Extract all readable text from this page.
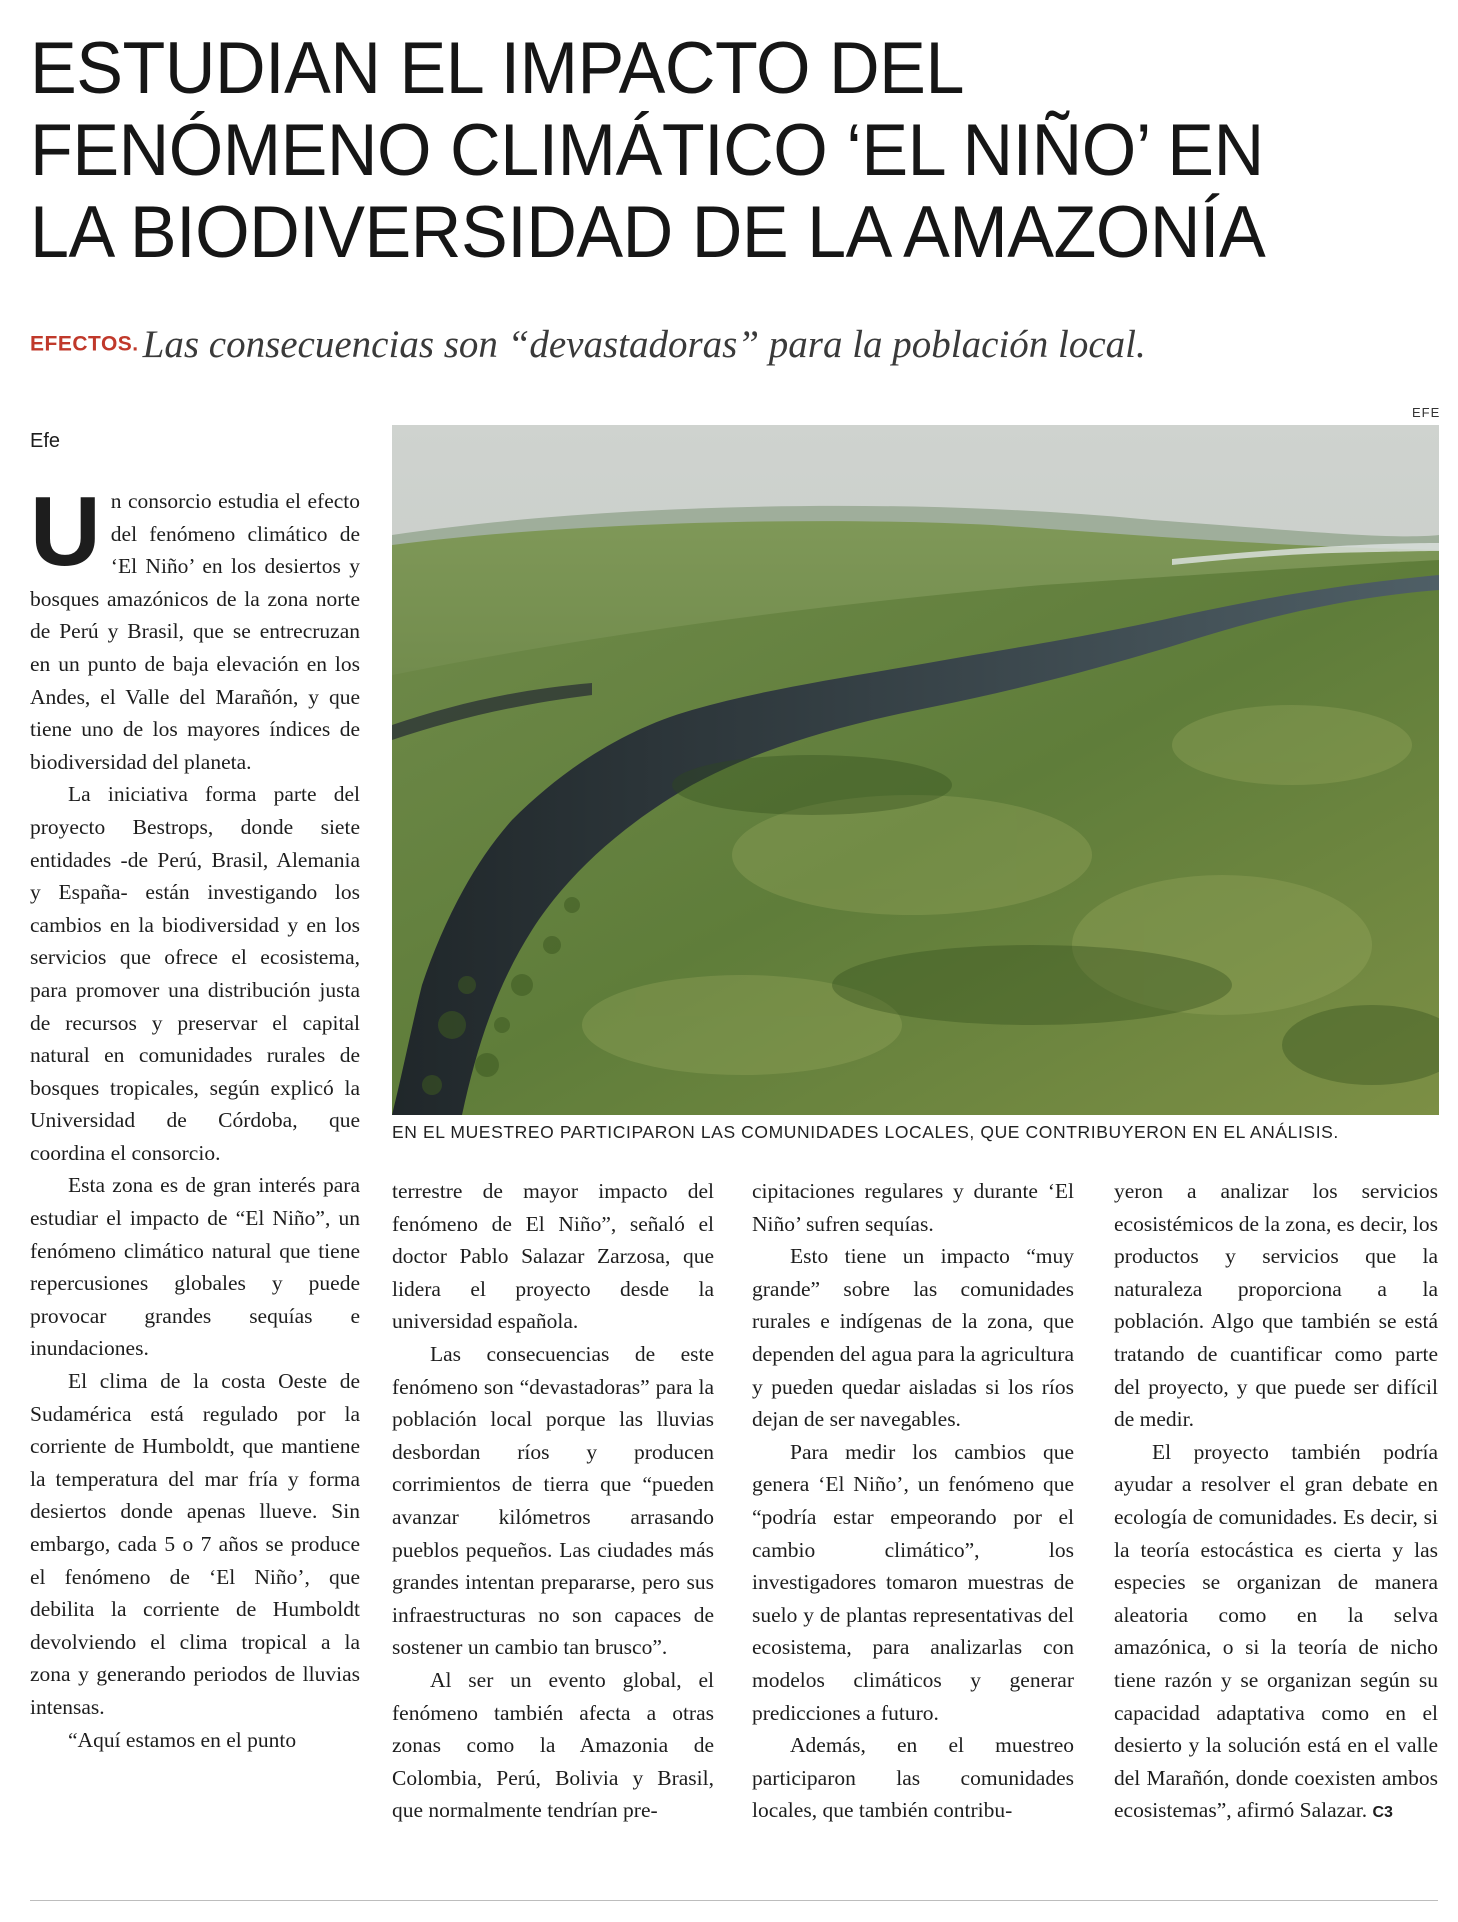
ESTUDIAN EL IMPACTO DEL
FENÓMENO CLIMÁTICO ‘EL NIÑO’ EN
LA BIODIVERSIDAD DE LA AMAZONÍA
EFECTOS. Las consecuencias son “devastadoras” para la población local.
EFE
EN EL MUESTREO PARTICIPARON LAS COMUNIDADES LOCALES, QUE CONTRIBUYERON EN EL ANÁLISIS.
Efe

Un consorcio estudia el efecto del fenómeno climático de ‘El Niño’ en los desiertos y bosques amazónicos de la zona norte de Perú y Brasil, que se entrecruzan en un punto de baja elevación en los Andes, el Valle del Marañón, y que tiene uno de los mayores índices de biodiversidad del planeta.

La iniciativa forma parte del proyecto Bestrops, donde siete entidades -de Perú, Brasil, Alemania y España- están investigando los cambios en la biodiversidad y en los servicios que ofrece el ecosistema, para promover una distribución justa de recursos y preservar el capital natural en comunidades rurales de bosques tropicales, según explicó la Universidad de Córdoba, que coordina el consorcio.

Esta zona es de gran interés para estudiar el impacto de “El Niño”, un fenómeno climático natural que tiene repercusiones globales y puede provocar grandes sequías e inundaciones.

El clima de la costa Oeste de Sudamérica está regulado por la corriente de Humboldt, que mantiene la temperatura del mar fría y forma desiertos donde apenas llueve. Sin embargo, cada 5 o 7 años se produce el fenómeno de ‘El Niño’, que debilita la corriente de Humboldt devolviendo el clima tropical a la zona y generando periodos de lluvias intensas.

“Aquí estamos en el punto

terrestre de mayor impacto del fenómeno de El Niño”, señaló el doctor Pablo Salazar Zarzosa, que lidera el proyecto desde la universidad española.

Las consecuencias de este fenómeno son “devastadoras” para la población local porque las lluvias desbordan ríos y producen corrimientos de tierra que “pueden avanzar kilómetros arrasando pueblos pequeños. Las ciudades más grandes intentan prepararse, pero sus infraestructuras no son capaces de sostener un cambio tan brusco”.

Al ser un evento global, el fenómeno también afecta a otras zonas como la Amazonia de Colombia, Perú, Bolivia y Brasil, que normalmente tendrían pre-

cipitaciones regulares y durante ‘El Niño’ sufren sequías.

Esto tiene un impacto “muy grande” sobre las comunidades rurales e indígenas de la zona, que dependen del agua para la agricultura y pueden quedar aisladas si los ríos dejan de ser navegables.

Para medir los cambios que genera ‘El Niño’, un fenómeno que “podría estar empeorando por el cambio climático”, los investigadores tomaron muestras de suelo y de plantas representativas del ecosistema, para analizarlas con modelos climáticos y generar predicciones a futuro.

Además, en el muestreo participaron las comunidades locales, que también contribu-

yeron a analizar los servicios ecosistémicos de la zona, es decir, los productos y servicios que la naturaleza proporciona a la población. Algo que también se está tratando de cuantificar como parte del proyecto, y que puede ser difícil de medir.

El proyecto también podría ayudar a resolver el gran debate en ecología de comunidades. Es decir, si la teoría estocástica es cierta y las especies se organizan de manera aleatoria como en la selva amazónica, o si la teoría de nicho tiene razón y se organizan según su capacidad adaptativa como en el desierto y la solución está en el valle del Marañón, donde coexisten ambos ecosistemas”, afirmó Salazar. C3
